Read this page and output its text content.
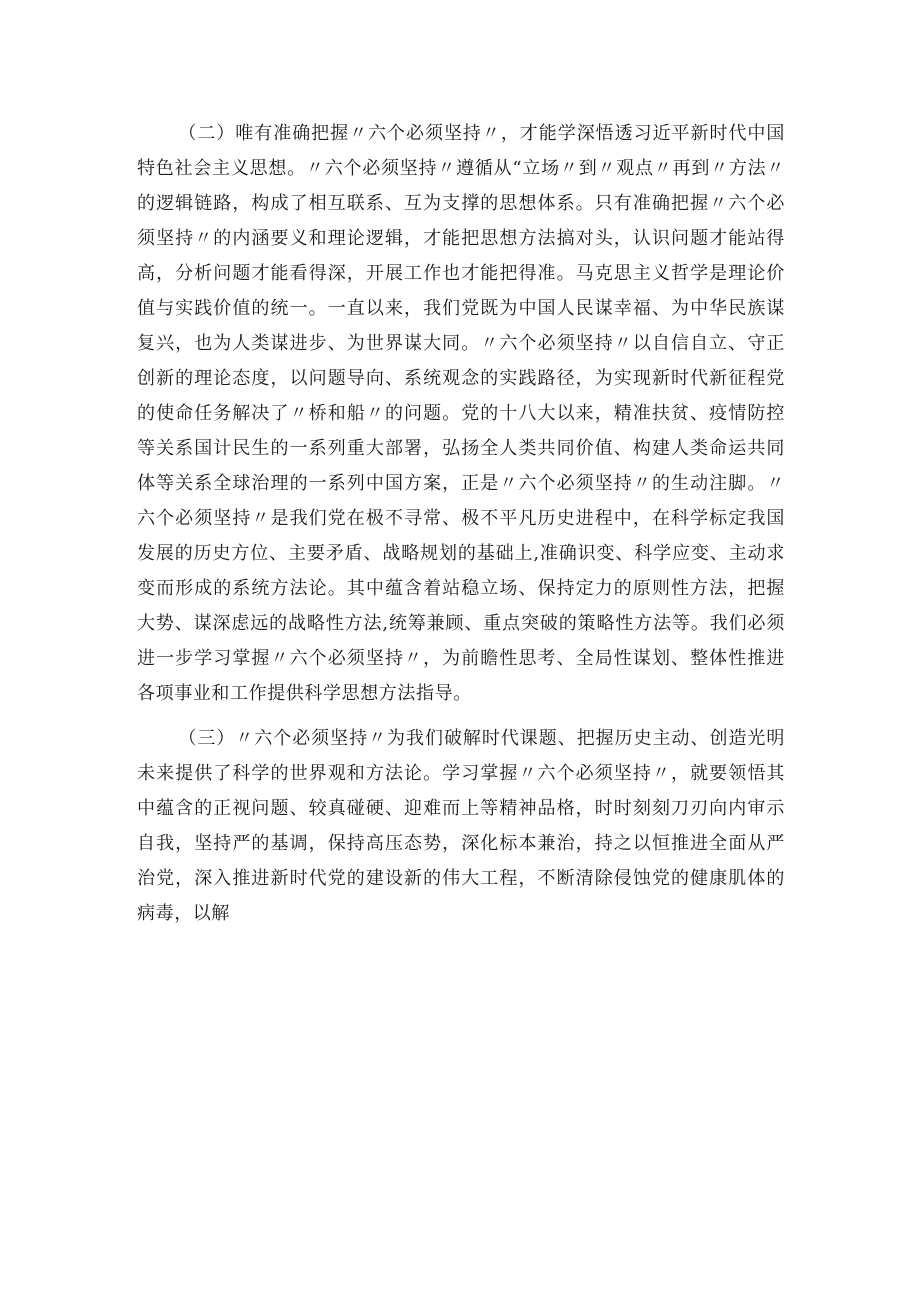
（二）唯有准确把握〃六个必须坚持〃，才能学深悟透习近平新时代中国特色社会主义思想。〃六个必须坚持〃遵循从“立场〃到〃观点〃再到〃方法〃的逻辑链路，构成了相互联系、互为支撑的思想体系。只有准确把握〃六个必须坚持〃的内涵要义和理论逻辑，才能把思想方法搞对头，认识问题才能站得高，分析问题才能看得深，开展工作也才能把得准。马克思主义哲学是理论价值与实践价值的统一。一直以来，我们党既为中国人民谋幸福、为中华民族谋复兴，也为人类谋进步、为世界谋大同。〃六个必须坚持〃以自信自立、守正创新的理论态度，以问题导向、系统观念的实践路径，为实现新时代新征程党的使命任务解决了〃桥和船〃的问题。党的十八大以来，精准扶贫、疫情防控等关系国计民生的一系列重大部署，弘扬全人类共同价值、构建人类命运共同体等关系全球治理的一系列中国方案，正是〃六个必须坚持〃的生动注脚。〃六个必须坚持〃是我们党在极不寻常、极不平凡历史进程中，在科学标定我国发展的历史方位、主要矛盾、战略规划的基础上,准确识变、科学应变、主动求变而形成的系统方法论。其中蕴含着站稳立场、保持定力的原则性方法，把握大势、谋深虑远的战略性方法,统筹兼顾、重点突破的策略性方法等。我们必须进一步学习掌握〃六个必须坚持〃，为前瞻性思考、全局性谋划、整体性推进各项事业和工作提供科学思想方法指导。

（三）〃六个必须坚持〃为我们破解时代课题、把握历史主动、创造光明未来提供了科学的世界观和方法论。学习掌握〃六个必须坚持〃，就要领悟其中蕴含的正视问题、较真碰硬、迎难而上等精神品格，时时刻刻刀刃向内审示自我，坚持严的基调，保持高压态势，深化标本兼治，持之以恒推进全面从严治党，深入推进新时代党的建设新的伟大工程，不断清除侵蚀党的健康肌体的病毒，以解
